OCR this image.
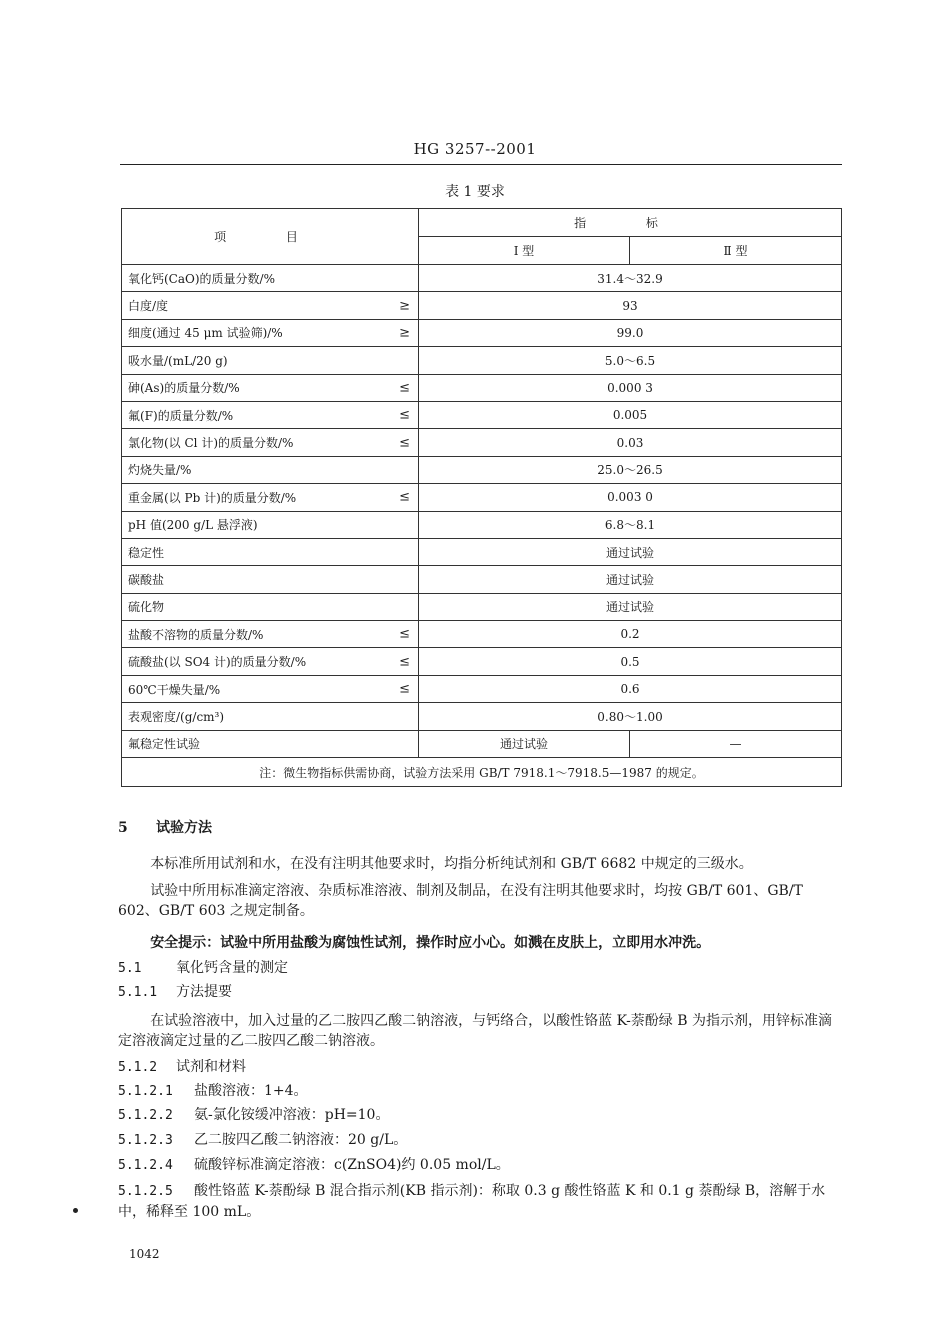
HG 3257--2001
表 1 要求
项 目	指 标	
	Ⅰ 型	Ⅱ 型
氧化钙(CaO)的质量分数/%	31.4～32.9	
白度/度 ≥	93	
细度(通过 45 μm 试验筛)/% ≥	99.0	
吸水量/(mL/20 g)	5.0～6.5	
砷(As)的质量分数/% ≤	0.000 3	
氟(F)的质量分数/% ≤	0.005	
氯化物(以 Cl 计)的质量分数/% ≤	0.03	
灼烧失量/%	25.0～26.5	
重金属(以 Pb 计)的质量分数/% ≤	0.003 0	
pH 值(200 g/L 悬浮液)	6.8～8.1	
稳定性	通过试验	
碳酸盐	通过试验	
硫化物	通过试验	
盐酸不溶物的质量分数/% ≤	0.2	
硫酸盐(以 SO4 计)的质量分数/% ≤	0.5	
60℃干燥失量/% ≤	0.6	
表观密度/(g/cm³)	0.80～1.00	
氟稳定性试验	通过试验	—
注：微生物指标供需协商，试验方法采用 GB/T 7918.1～7918.5—1987 的规定。		
5 试验方法
本标准所用试剂和水，在没有注明其他要求时，均指分析纯试剂和 GB/T 6682 中规定的三级水。
试验中所用标准滴定溶液、杂质标准溶液、制剂及制品，在没有注明其他要求时，均按 GB/T 601、GB/T 602、GB/T 603 之规定制备。
安全提示：试验中所用盐酸为腐蚀性试剂，操作时应小心。如溅在皮肤上，立即用水冲洗。
5.1 氧化钙含量的测定
5.1.1 方法提要
在试验溶液中，加入过量的乙二胺四乙酸二钠溶液，与钙络合，以酸性铬蓝 K-萘酚绿 B 为指示剂，用锌标准滴定溶液滴定过量的乙二胺四乙酸二钠溶液。
5.1.2 试剂和材料
5.1.2.1 盐酸溶液：1+4。
5.1.2.2 氨-氯化铵缓冲溶液：pH=10。
5.1.2.3 乙二胺四乙酸二钠溶液：20 g/L。
5.1.2.4 硫酸锌标准滴定溶液：c(ZnSO4)约 0.05 mol/L。
5.1.2.5 酸性铬蓝 K-萘酚绿 B 混合指示剂(KB 指示剂)：称取 0.3 g 酸性铬蓝 K 和 0.1 g 萘酚绿 B，溶解于水中，稀释至 100 mL。
1042
